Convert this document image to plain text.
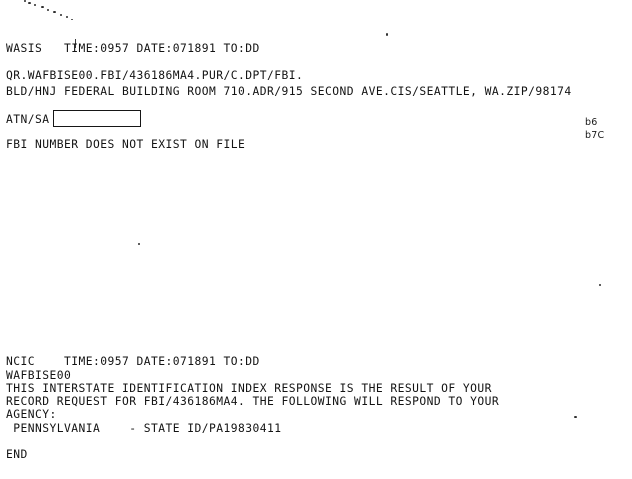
WASIS   TIME:0957 DATE:071891 TO:DD
QR.WAFBISE00.FBI/436186MA4.PUR/C.DPT/FBI.
BLD/HNJ FEDERAL BUILDING ROOM 710.ADR/915 SECOND AVE.CIS/SEATTLE, WA.ZIP/98174
ATN/SA	b6
b7C
FBI NUMBER DOES NOT EXIST ON FILE
NCIC    TIME:0957 DATE:071891 TO:DD
WAFBISE00
THIS INTERSTATE IDENTIFICATION INDEX RESPONSE IS THE RESULT OF YOUR
RECORD REQUEST FOR FBI/436186MA4. THE FOLLOWING WILL RESPOND TO YOUR
AGENCY:
PENNSYLVANIA    - STATE ID/PA19830411
END
